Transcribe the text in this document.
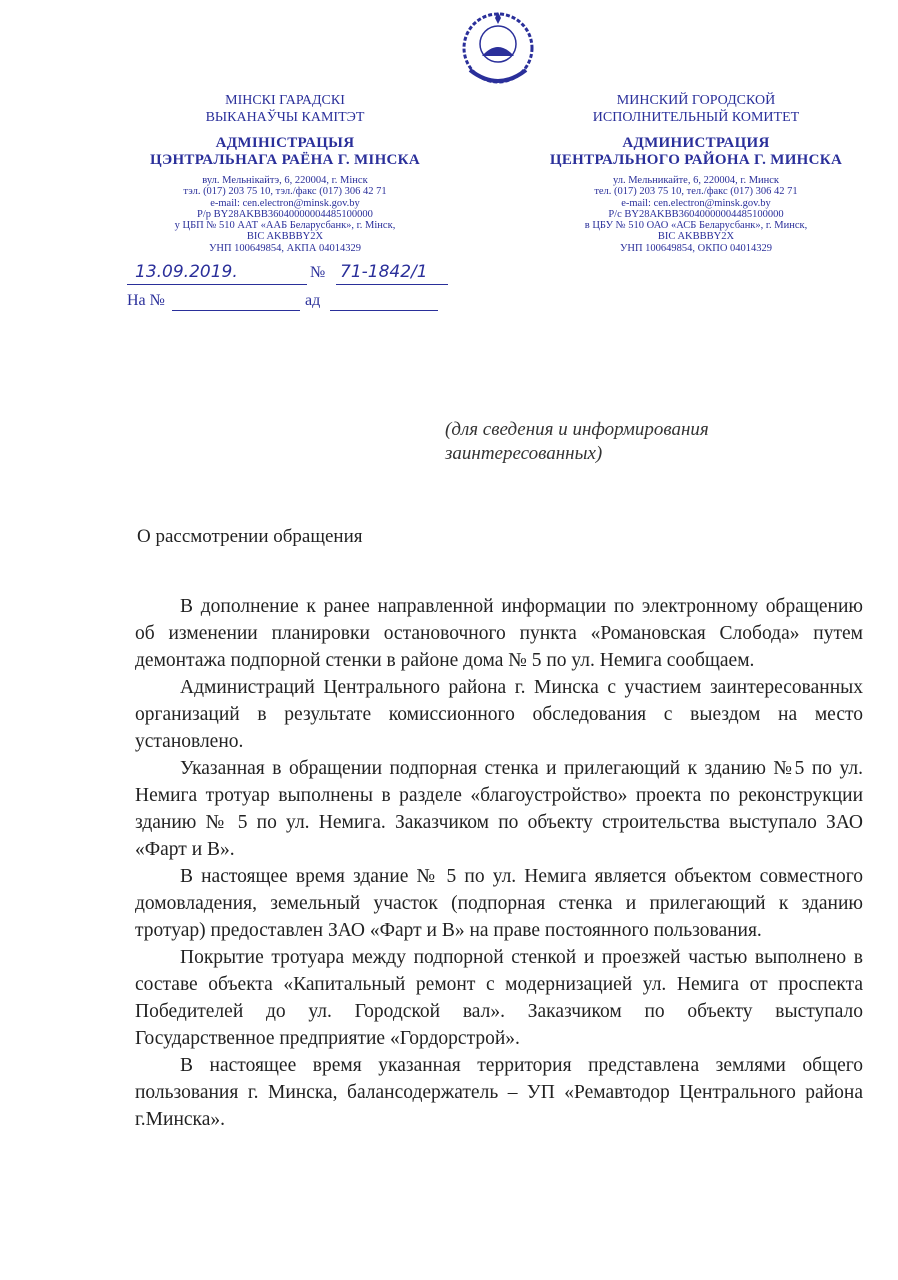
МІНСКІ ГАРАДСКІ
ВЫКАНАЎЧЫ КАМІТЭТ
АДМІНІСТРАЦЫЯ
ЦЭНТРАЛЬНАГА РАЁНА Г. МІНСКА
вул. Мельнікайтэ, 6, 220004, г. Мінск
тэл. (017) 203 75 10, тэл./факс (017) 306 42 71
e-mail: cen.electron@minsk.gov.by
Р/р BY28AKBB36040000004485100000
у ЦБП № 510 ААТ «ААБ Беларусбанк», г. Мінск,
BIC AKBBBY2X
УНП 100649854, АКПА 04014329
МИНСКИЙ ГОРОДСКОЙ
ИСПОЛНИТЕЛЬНЫЙ КОМИТЕТ
АДМИНИСТРАЦИЯ
ЦЕНТРАЛЬНОГО РАЙОНА Г. МИНСКА
ул. Мельникайте, 6, 220004, г. Минск
тел. (017) 203 75 10, тел./факс (017) 306 42 71
e-mail: cen.electron@minsk.gov.by
Р/с BY28AKBB36040000004485100000
в ЦБУ № 510 ОАО «АСБ Беларусбанк», г. Минск,
BIC AKBBBY2X
УНП 100649854, ОКПО 04014329
13.09.2019.	№ 71-1842/1
На №	ад
(для сведения и информирования
заинтересованных)
О рассмотрении обращения

В дополнение к ранее направленной информации по электронному обращению об изменении планировки остановочного пункта «Романовская Слобода» путем демонтажа подпорной стенки в районе дома № 5 по ул. Немига сообщаем.

Администраций Центрального района г. Минска с участием заинтересованных организаций в результате комиссионного обследования с выездом на место установлено.

Указанная в обращении подпорная стенка и прилегающий к зданию №5 по ул. Немига тротуар выполнены в разделе «благоустройство» проекта по реконструкции зданию № 5 по ул. Немига. Заказчиком по объекту строительства выступало ЗАО «Фарт и В».

В настоящее время здание № 5 по ул. Немига является объектом совместного домовладения, земельный участок (подпорная стенка и прилегающий к зданию тротуар) предоставлен ЗАО «Фарт и В» на праве постоянного пользования.

Покрытие тротуара между подпорной стенкой и проезжей частью выполнено в составе объекта «Капитальный ремонт с модернизацией ул. Немига от проспекта Победителей до ул. Городской вал». Заказчиком по объекту выступало Государственное предприятие «Гордорстрой».

В настоящее время указанная территория представлена землями общего пользования г. Минска, балансодержатель – УП «Ремавтодор Центрального района г.Минска».
